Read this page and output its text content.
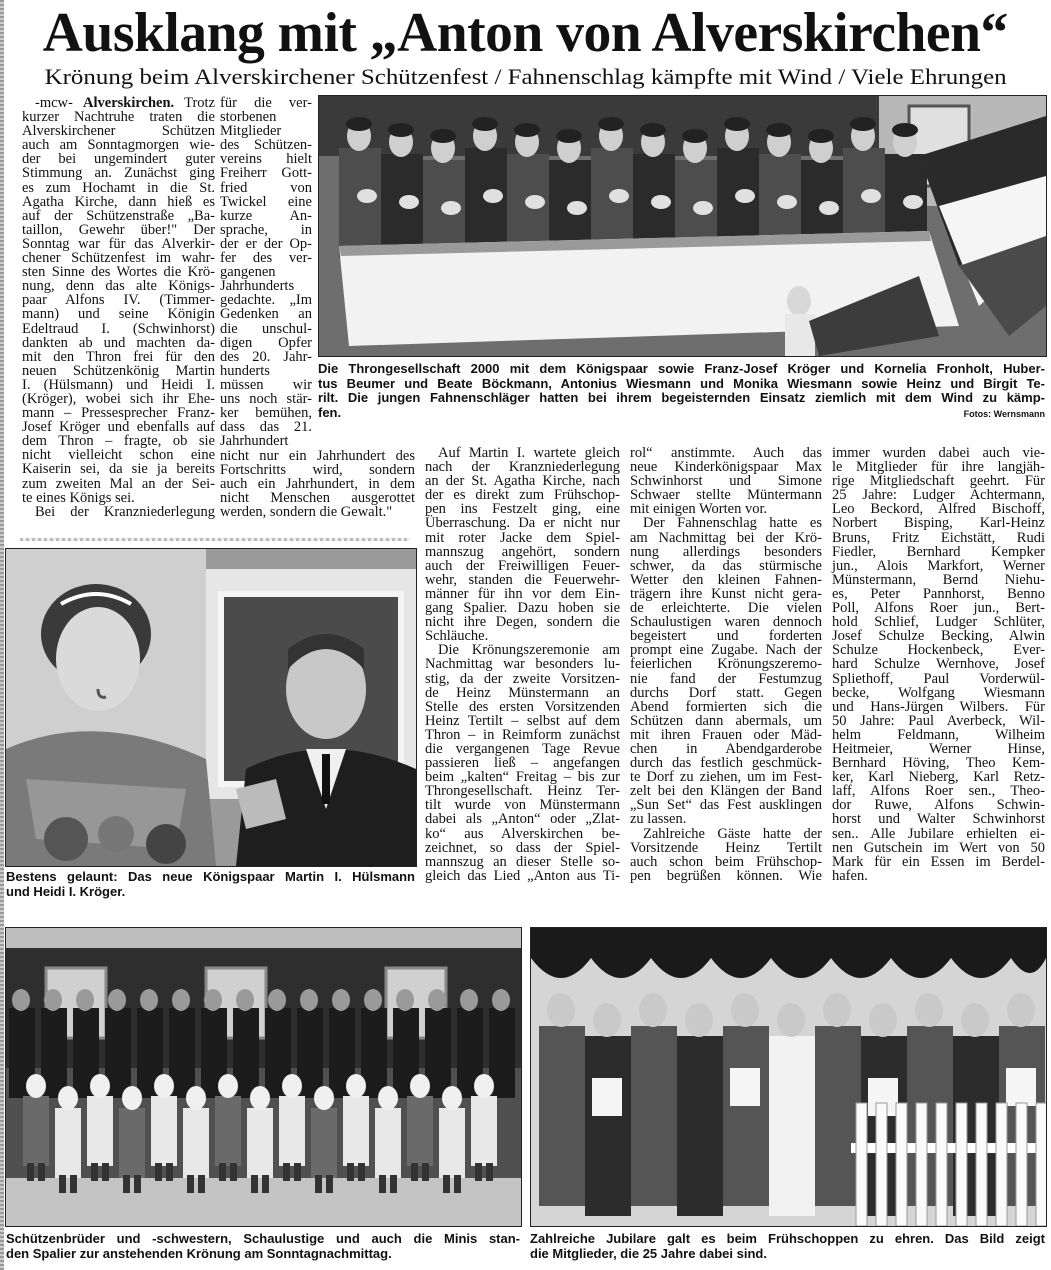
Ausklang mit „Anton von Alverskirchen“
Krönung beim Alverskirchener Schützenfest / Fahnenschlag kämpfte mit Wind / Viele Ehrungen
-mcw- Alverskirchen. Trotz
kurzer Nachtruhe traten die
Alverskirchener Schützen
auch am Sonntagmorgen wie-
der bei ungemindert guter
Stimmung an. Zunächst ging
es zum Hochamt in die St.
Agatha Kirche, dann hieß es
auf der Schützenstraße „Ba-
taillon, Gewehr über!" Der
Sonntag war für das Alverkir-
chener Schützenfest im wahr-
sten Sinne des Wortes die Krö-
nung, denn das alte Königs-
paar Alfons IV. (Timmer-
mann) und seine Königin
Edeltraud I. (Schwinhorst)
dankten ab und machten da-
mit den Thron frei für den
neuen Schützenkönig Martin
I. (Hülsmann) und Heidi I.
(Kröger), wobei sich ihr Ehe-
mann – Pressesprecher Franz-
Josef Kröger und ebenfalls auf
dem Thron – fragte, ob sie
nicht vielleicht schon eine
Kaiserin sei, da sie ja bereits
zum zweiten Mal an der Sei-
te eines Königs sei.
Bei der Kranzniederlegung
für die ver-
storbenen
Mitglieder
des Schützen-
vereins hielt
Freiherr Gott-
fried von
Twickel eine
kurze An-
sprache, in
der er der Op-
fer des ver-
gangenen
Jahrhunderts
gedachte. „Im
Gedenken an
die unschul-
digen Opfer
des 20. Jahr-
hunderts
müssen wir
uns noch stär-
ker bemühen,
dass das 21.
Jahrhundert
nicht nur ein Jahrhundert des
Fortschritts wird, sondern
auch ein Jahrhundert, in dem
nicht Menschen ausgerottet
werden, sondern die Gewalt."
Auf Martin I. wartete gleich
nach der Kranzniederlegung
an der St. Agatha Kirche, nach
der es direkt zum Frühschop-
pen ins Festzelt ging, eine
Überraschung. Da er nicht nur
mit roter Jacke dem Spiel-
mannszug angehört, sondern
auch der Freiwilligen Feuer-
wehr, standen die Feuerwehr-
männer für ihn vor dem Ein-
gang Spalier. Dazu hoben sie
nicht ihre Degen, sondern die
Schläuche.
Die Krönungszeremonie am
Nachmittag war besonders lu-
stig, da der zweite Vorsitzen-
de Heinz Münstermann an
Stelle des ersten Vorsitzenden
Heinz Tertilt – selbst auf dem
Thron – in Reimform zunächst
die vergangenen Tage Revue
passieren ließ – angefangen
beim „kalten“ Freitag – bis zur
Throngesellschaft. Heinz Ter-
tilt wurde von Münstermann
dabei als „Anton“ oder „Zlat-
ko“ aus Alverskirchen be-
zeichnet, so dass der Spiel-
mannszug an dieser Stelle so-
gleich das Lied „Anton aus Ti-
rol“ anstimmte. Auch das
neue Kinderkönigspaar Max
Schwinhorst und Simone
Schwaer stellte Müntermann
mit einigen Worten vor.
Der Fahnenschlag hatte es
am Nachmittag bei der Krö-
nung allerdings besonders
schwer, da das stürmische
Wetter den kleinen Fahnen-
trägern ihre Kunst nicht gera-
de erleichterte. Die vielen
Schaulustigen waren dennoch
begeistert und forderten
prompt eine Zugabe. Nach der
feierlichen Krönungszeremo-
nie fand der Festumzug
durchs Dorf statt. Gegen
Abend formierten sich die
Schützen dann abermals, um
mit ihren Frauen oder Mäd-
chen in Abendgarderobe
durch das festlich geschmück-
te Dorf zu ziehen, um im Fest-
zelt bei den Klängen der Band
„Sun Set“ das Fest ausklingen
zu lassen.
Zahlreiche Gäste hatte der
Vorsitzende Heinz Tertilt
auch schon beim Frühschop-
pen begrüßen können. Wie
immer wurden dabei auch vie-
le Mitglieder für ihre langjäh-
rige Mitgliedschaft geehrt. Für
25 Jahre: Ludger Achtermann,
Leo Beckord, Alfred Bischoff,
Norbert Bisping, Karl-Heinz
Bruns, Fritz Eichstätt, Rudi
Fiedler, Bernhard Kempker
jun., Alois Markfort, Werner
Münstermann, Bernd Niehu-
es, Peter Pannhorst, Benno
Poll, Alfons Roer jun., Bert-
hold Schlief, Ludger Schlüter,
Josef Schulze Becking, Alwin
Schulze Hockenbeck, Ever-
hard Schulze Wernhove, Josef
Spliethoff, Paul Vorderwül-
becke, Wolfgang Wiesmann
und Hans-Jürgen Wilbers. Für
50 Jahre: Paul Averbeck, Wil-
helm Feldmann, Wilheim
Heitmeier, Werner Hinse,
Bernhard Höving, Theo Kem-
ker, Karl Nieberg, Karl Retz-
laff, Alfons Roer sen., Theo-
dor Ruwe, Alfons Schwin-
horst und Walter Schwinhorst
sen.. Alle Jubilare erhielten ei-
nen Gutschein im Wert von 50
Mark für ein Essen im Berdel-
hafen.
Fotos: Wernsmann
Die Throngesellschaft 2000 mit dem Königspaar sowie Franz-Josef Kröger und Kornelia Fronholt, Huber-
tus Beumer und Beate Böckmann, Antonius Wiesmann und Monika Wiesmann sowie Heinz und Birgit Te-
rilt. Die jungen Fahnenschläger hatten bei ihrem begeisternden Einsatz ziemlich mit dem Wind zu kämp-
fen.
Bestens gelaunt: Das neue Königspaar Martin I. Hülsmann
und Heidi I. Kröger.
Schützenbrüder und -schwestern, Schaulustige und auch die Minis stan-
den Spalier zur anstehenden Krönung am Sonntagnachmittag.
Zahlreiche Jubilare galt es beim Frühschoppen zu ehren. Das Bild zeigt
die Mitglieder, die 25 Jahre dabei sind.
